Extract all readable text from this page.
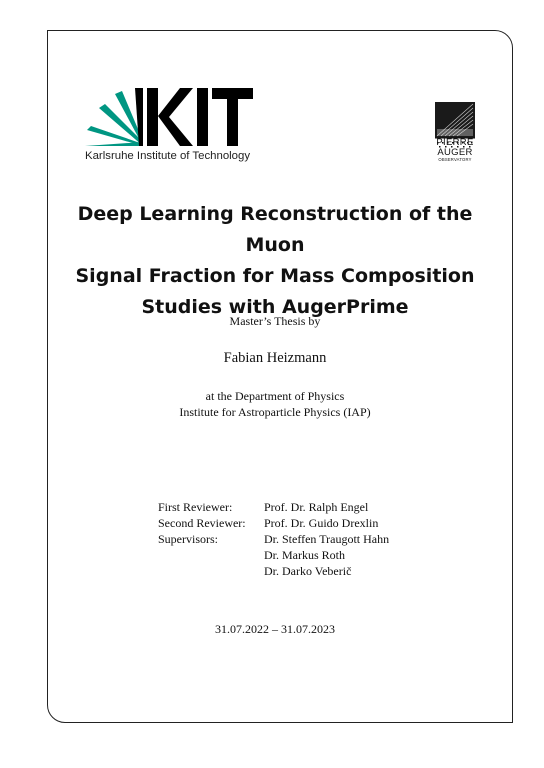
Karlsruhe Institute of Technology
PIERRE
AUGER
OBSERVATORY
Deep Learning Reconstruction of the Muon
Signal Fraction for Mass Composition
Studies with AugerPrime
Master’s Thesis by
Fabian Heizmann
at the Department of Physics
Institute for Astroparticle Physics (IAP)
First Reviewer:	Prof. Dr. Ralph Engel
Second Reviewer:	Prof. Dr. Guido Drexlin
Supervisors:	Dr. Steffen Traugott Hahn
Dr. Markus Roth
Dr. Darko Veberič
31.07.2022 – 31.07.2023
